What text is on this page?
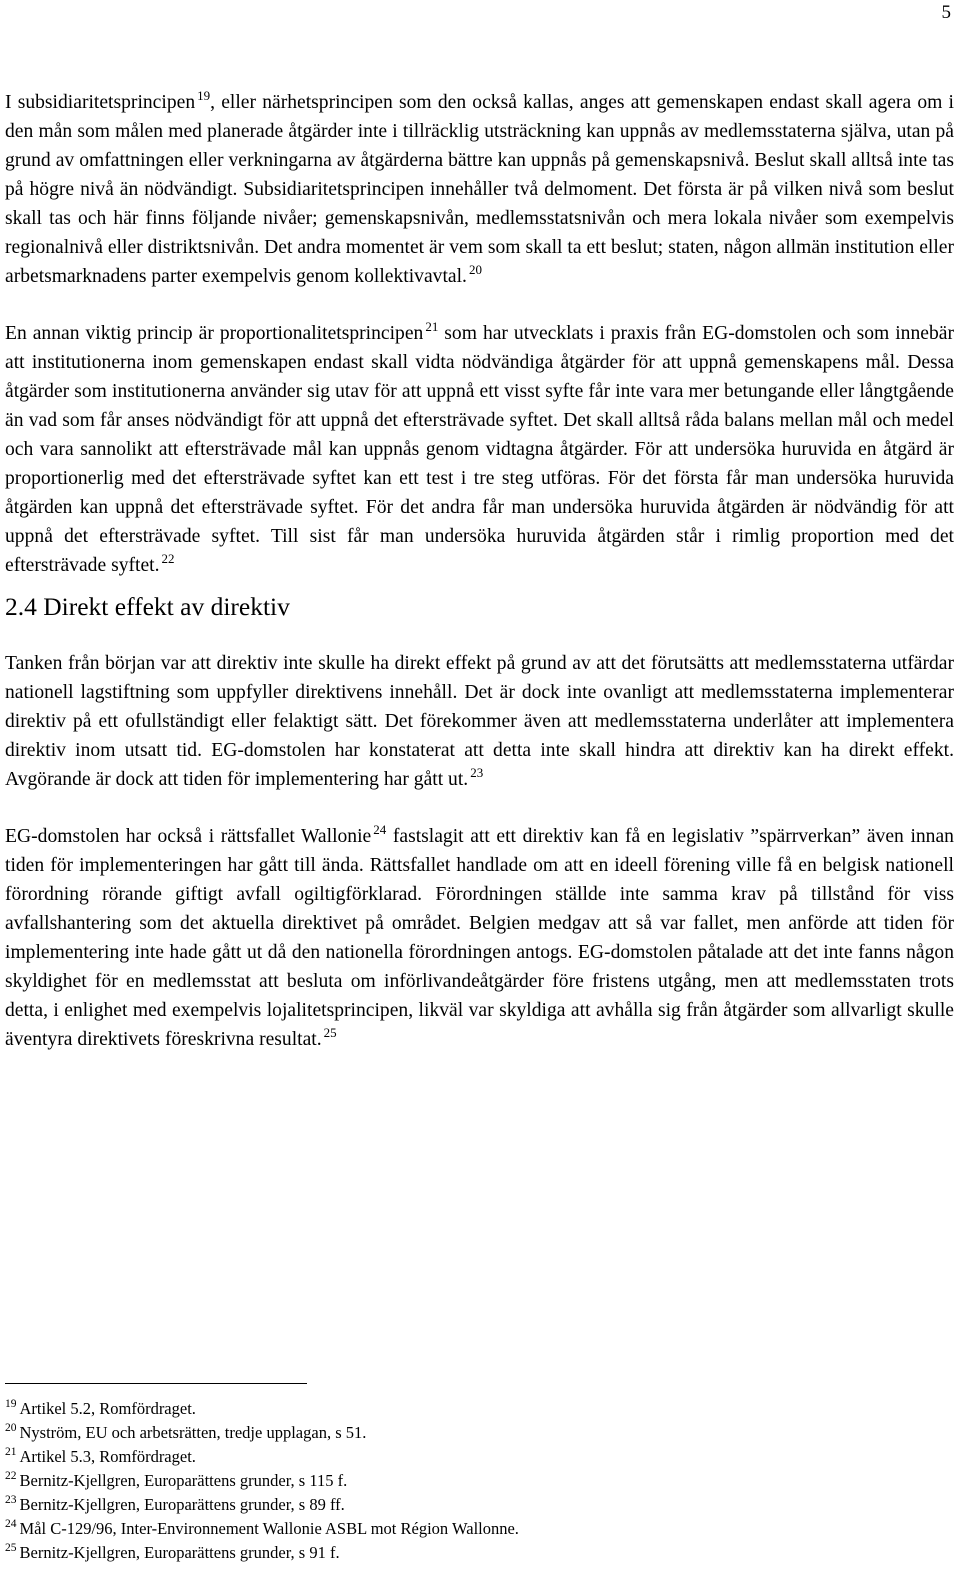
5

I subsidiaritetsprincipen $^{19}$, eller närhetsprincipen som den också kallas, anges att gemenskapen endast skall agera om i den mån som målen med planerade åtgärder inte i tillräcklig utsträckning kan uppnås av medlemsstaterna själva, utan på grund av omfattningen eller verkningarna av åtgärderna bättre kan uppnås på gemenskapsnivå. Beslut skall alltså inte tas på högre nivå än nödvändigt. Subsidiaritetsprincipen innehåller två delmoment. Det första är på vilken nivå som beslut skall tas och här finns följande nivåer; gemenskapsnivån, medlemsstatsnivån och mera lokala nivåer som exempelvis regionalnivå eller distriktsnivån. Det andra momentet är vem som skall ta ett beslut; staten, någon allmän institution eller arbetsmarknadens parter exempelvis genom kollektivavtal. $^{20}$

En annan viktig princip är proportionalitetsprincipen $^{21}$ som har utvecklats i praxis från EG-domstolen och som innebär att institutionerna inom gemenskapen endast skall vidta nödvändiga åtgärder för att uppnå gemenskapens mål. Dessa åtgärder som institutionerna använder sig utav för att uppnå ett visst syfte får inte vara mer betungande eller långtgående än vad som får anses nödvändigt för att uppnå det eftersträvade syftet. Det skall alltså råda balans mellan mål och medel och vara sannolikt att eftersträvade mål kan uppnås genom vidtagna åtgärder. För att undersöka huruvida en åtgärd är proportionerlig med det eftersträvade syftet kan ett test i tre steg utföras. För det första får man undersöka huruvida åtgärden kan uppnå det eftersträvade syftet. För det andra får man undersöka huruvida åtgärden är nödvändig för att uppnå det eftersträvade syftet. Till sist får man undersöka huruvida åtgärden står i rimlig proportion med det eftersträvade syftet. $^{22}$

2.4 Direkt effekt av direktiv

Tanken från början var att direktiv inte skulle ha direkt effekt på grund av att det förutsätts att medlemsstaterna utfärdar nationell lagstiftning som uppfyller direktivens innehåll. Det är dock inte ovanligt att medlemsstaterna implementerar direktiv på ett ofullständigt eller felaktigt sätt. Det förekommer även att medlemsstaterna underlåter att implementera direktiv inom utsatt tid. EG-domstolen har konstaterat att detta inte skall hindra att direktiv kan ha direkt effekt. Avgörande är dock att tiden för implementering har gått ut. $^{23}$

EG-domstolen har också i rättsfallet Wallonie $^{24}$ fastslagit att ett direktiv kan få en legislativ ”spärrverkan” även innan tiden för implementeringen har gått till ända. Rättsfallet handlade om att en ideell förening ville få en belgisk nationell förordning rörande giftigt avfall ogiltigförklarad. Förordningen ställde inte samma krav på tillstånd för viss avfallshantering som det aktuella direktivet på området. Belgien medgav att så var fallet, men anförde att tiden för implementering inte hade gått ut då den nationella förordningen antogs. EG-domstolen påtalade att det inte fanns någon skyldighet för en medlemsstat att besluta om införlivandeåtgärder före fristens utgång, men att medlemsstaten trots detta, i enlighet med exempelvis lojalitetsprincipen, likväl var skyldiga att avhålla sig från åtgärder som allvarligt skulle äventyra direktivets föreskrivna resultat. $^{25}$

$^{19}$ Artikel 5.2, Romfördraget.
$^{20}$ Nyström, EU och arbetsrätten, tredje upplagan, s 51.
$^{21}$ Artikel 5.3, Romfördraget.
$^{22}$ Bernitz-Kjellgren, Europarättens grunder, s 115 f.
$^{23}$ Bernitz-Kjellgren, Europarättens grunder, s 89 ff.
$^{24}$ Mål C-129/96, Inter-Environnement Wallonie ASBL mot Région Wallonne.
$^{25}$ Bernitz-Kjellgren, Europarättens grunder, s 91 f.
